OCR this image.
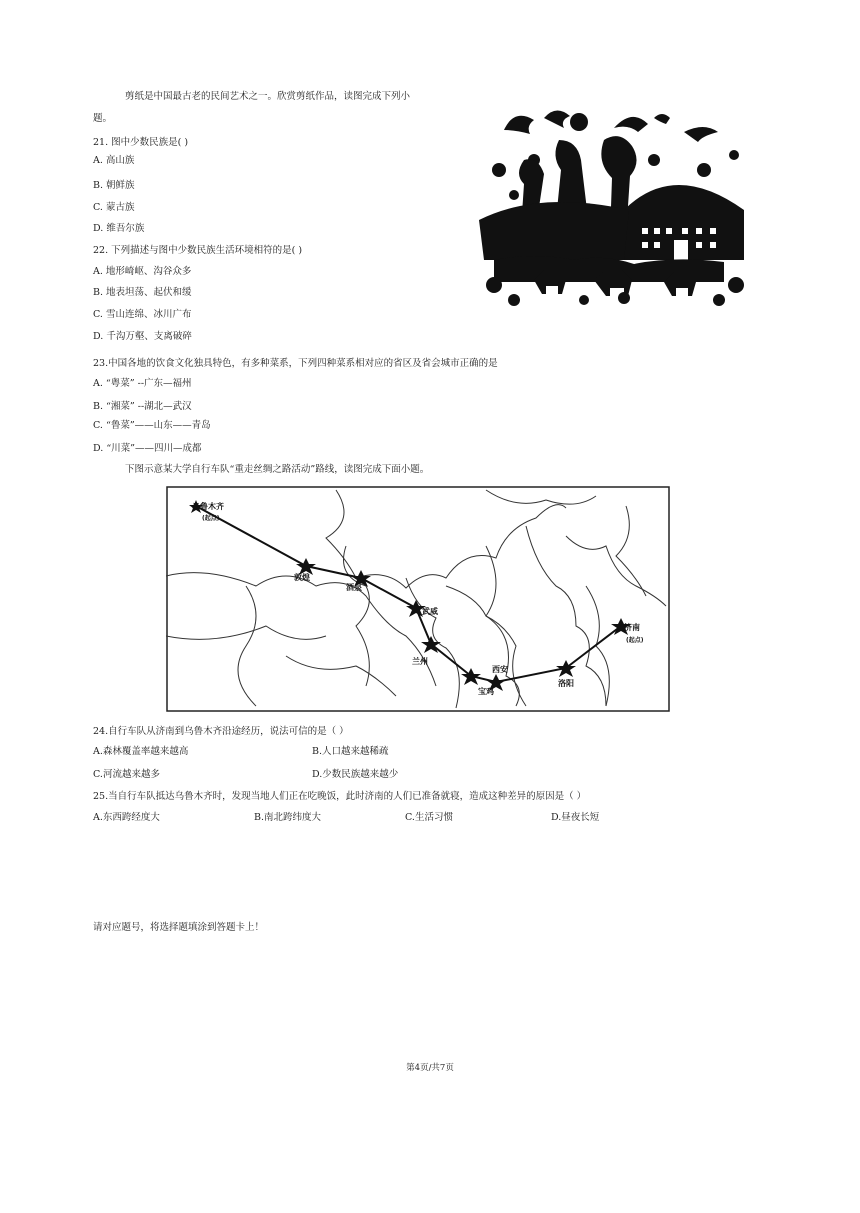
剪纸是中国最古老的民间艺术之一。欣赏剪纸作品，读图完成下列小
题。
21. 图中少数民族是( )
A. 高山族
B. 朝鲜族
C. 蒙古族
D. 维吾尔族
22. 下列描述与图中少数民族生活环境相符的是( )
A. 地形崎岖、沟谷众多
B. 地表坦荡、起伏和缓
C. 雪山连绵、冰川广布
D. 千沟万壑、支离破碎
23.中国各地的饮食文化独具特色，有多种菜系，下列四种菜系相对应的省区及省会城市正确的是
A. “粤菜” --广东—福州
B. “湘菜” --湖北—武汉
C. “鲁菜”——山东——青岛
D. “川菜”——四川—成都
下图示意某大学自行车队“重走丝绸之路活动”路线，读图完成下面小题。
乌鲁木齐
(起点)
敦煌
酒泉
武威
兰州
西安
宝鸡
洛阳
济南
(起点)
24.自行车队从济南到乌鲁木齐沿途经历，说法可信的是（ ）
A.森林覆盖率越来越高	B.人口越来越稀疏
C.河流越来越多	D.少数民族越来越少
25.当自行车队抵达乌鲁木齐时，发现当地人们正在吃晚饭，此时济南的人们已准备就寝，造成这种差异的原因是（ ）
A.东西跨经度大	B.南北跨纬度大	C.生活习惯	D.昼夜长短
请对应题号，将选择题填涂到答题卡上！
第4页/共7页
